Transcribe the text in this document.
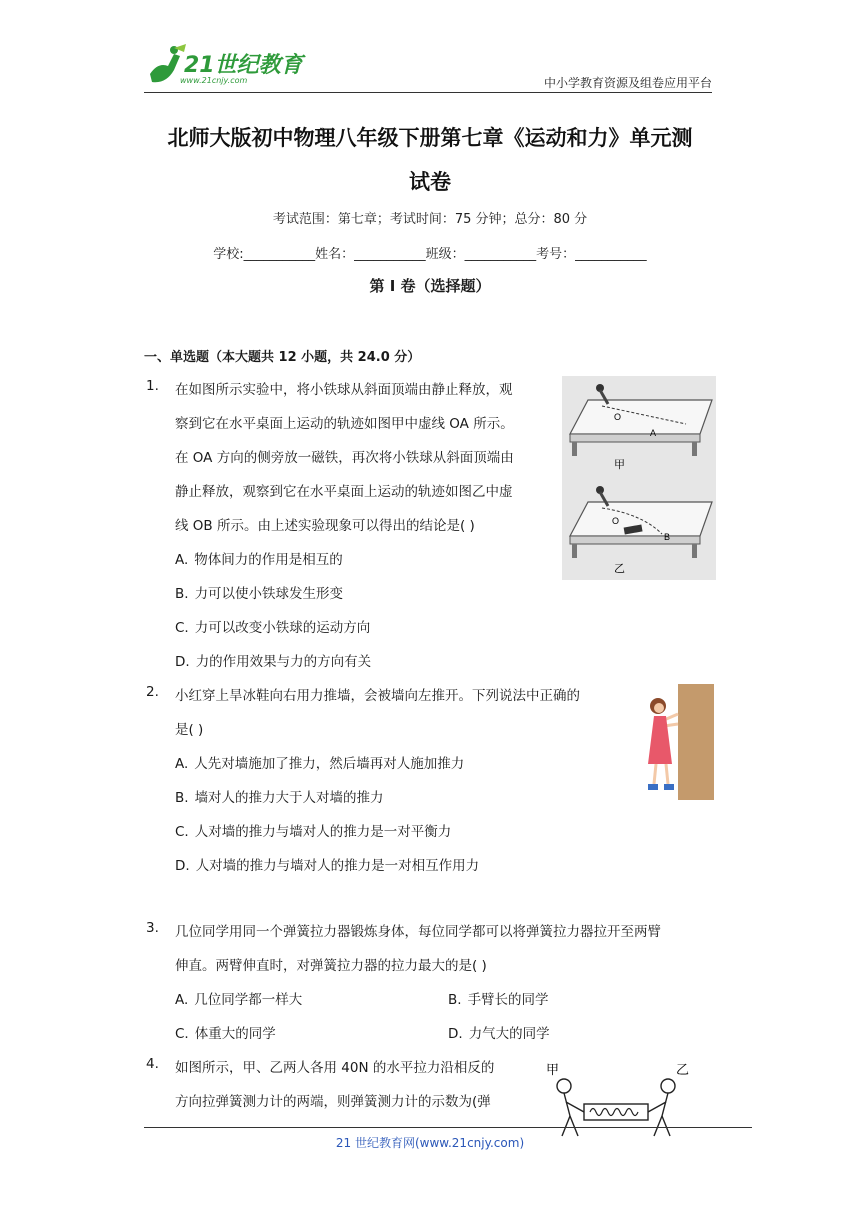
21世纪教育
www.21cnjy.com	中小学教育资源及组卷应用平台
北师大版初中物理八年级下册第七章《运动和力》单元测
试卷
考试范围：第七章；考试时间：75 分钟；总分：80 分
学校:___________姓名：___________班级：___________考号：___________
第 I 卷（选择题）
一、单选题（本大题共 12 小题，共 24.0 分）
1. 在如图所示实验中，将小铁球从斜面顶端由静止释放，观
察到它在水平桌面上运动的轨迹如图甲中虚线 OA 所示。
在 OA 方向的侧旁放一磁铁，再次将小铁球从斜面顶端由
静止释放，观察到它在水平桌面上运动的轨迹如图乙中虚
线 OB 所示。由上述实验现象可以得出的结论是( )
A. 物体间力的作用是相互的
B. 力可以使小铁球发生形变
C. 力可以改变小铁球的运动方向
D. 力的作用效果与力的方向有关
O
A
甲
O
B
乙
2. 小红穿上旱冰鞋向右用力推墙，会被墙向左推开。下列说法中正确的
是( )
A. 人先对墙施加了推力，然后墙再对人施加推力
B. 墙对人的推力大于人对墙的推力
C. 人对墙的推力与墙对人的推力是一对平衡力
D. 人对墙的推力与墙对人的推力是一对相互作用力
3. 几位同学用同一个弹簧拉力器锻炼身体，每位同学都可以将弹簧拉力器拉开至两臂
伸直。两臂伸直时，对弹簧拉力器的拉力最大的是( )
A. 几位同学都一样大	B. 手臂长的同学
C. 体重大的同学	D. 力气大的同学
4. 如图所示，甲、乙两人各用 40N 的水平拉力沿相反的
方向拉弹簧测力计的两端，则弹簧测力计的示数为(弹
甲	乙
21 世纪教育网(www.21cnjy.com)
